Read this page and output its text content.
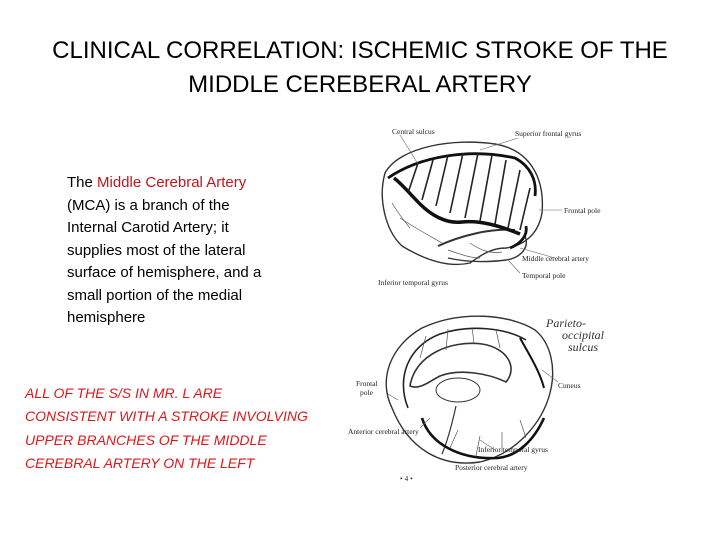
CLINICAL CORRELATION: ISCHEMIC STROKE OF THE
MIDDLE CEREBERAL ARTERY
The Middle Cerebral Artery (MCA) is a branch of the Internal Carotid Artery; it supplies most of the lateral surface of hemisphere, and a small portion of the medial hemisphere
ALL OF THE S/S IN MR. L ARE CONSISTENT WITH A STROKE INVOLVING UPPER BRANCHES OF THE MIDDLE CEREBRAL ARTERY ON THE LEFT
Central sulcus	Superior frontal gyrus
Frontal pole
Middle cerebral artery
Temporal pole
Inferior temporal gyrus
Parieto-
occipital
sulcus
Cuneus
Frontal
pole
Anterior cerebral artery
Inferior temporal gyrus
Posterior cerebral artery
• 4 •
